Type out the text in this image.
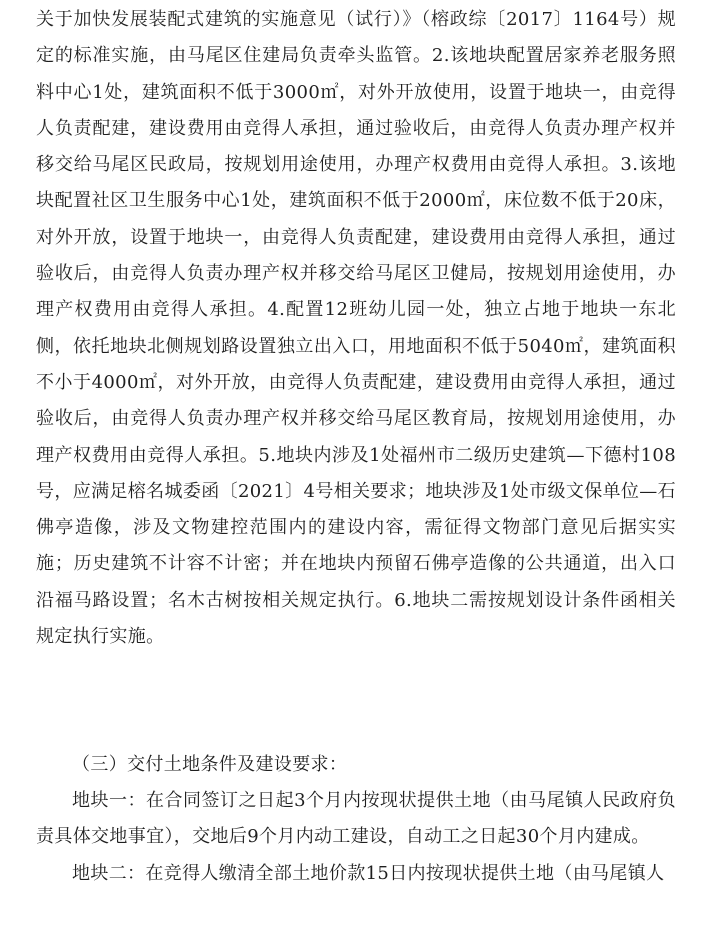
关于加快发展装配式建筑的实施意见（试行）》（榕政综〔2017〕1164号）规定的标准实施，由马尾区住建局负责牵头监管。2.该地块配置居家养老服务照料中心1处，建筑面积不低于3000㎡，对外开放使用，设置于地块一，由竞得人负责配建，建设费用由竞得人承担，通过验收后，由竞得人负责办理产权并移交给马尾区民政局，按规划用途使用，办理产权费用由竞得人承担。3.该地块配置社区卫生服务中心1处，建筑面积不低于2000㎡，床位数不低于20床，对外开放，设置于地块一，由竞得人负责配建，建设费用由竞得人承担，通过验收后，由竞得人负责办理产权并移交给马尾区卫健局，按规划用途使用，办理产权费用由竞得人承担。4.配置12班幼儿园一处，独立占地于地块一东北侧，依托地块北侧规划路设置独立出入口，用地面积不低于5040㎡，建筑面积不小于4000㎡，对外开放，由竞得人负责配建，建设费用由竞得人承担，通过验收后，由竞得人负责办理产权并移交给马尾区教育局，按规划用途使用，办理产权费用由竞得人承担。5.地块内涉及1处福州市二级历史建筑—下德村108号，应满足榕名城委函〔2021〕4号相关要求；地块涉及1处市级文保单位—石佛亭造像，涉及文物建控范围内的建设内容，需征得文物部门意见后据实实施；历史建筑不计容不计密；并在地块内预留石佛亭造像的公共通道，出入口沿福马路设置；名木古树按相关规定执行。6.地块二需按规划设计条件函相关规定执行实施。

（三）交付土地条件及建设要求：

地块一：在合同签订之日起3个月内按现状提供土地（由马尾镇人民政府负责具体交地事宜），交地后9个月内动工建设，自动工之日起30个月内建成。

地块二：在竞得人缴清全部土地价款15日内按现状提供土地（由马尾镇人
